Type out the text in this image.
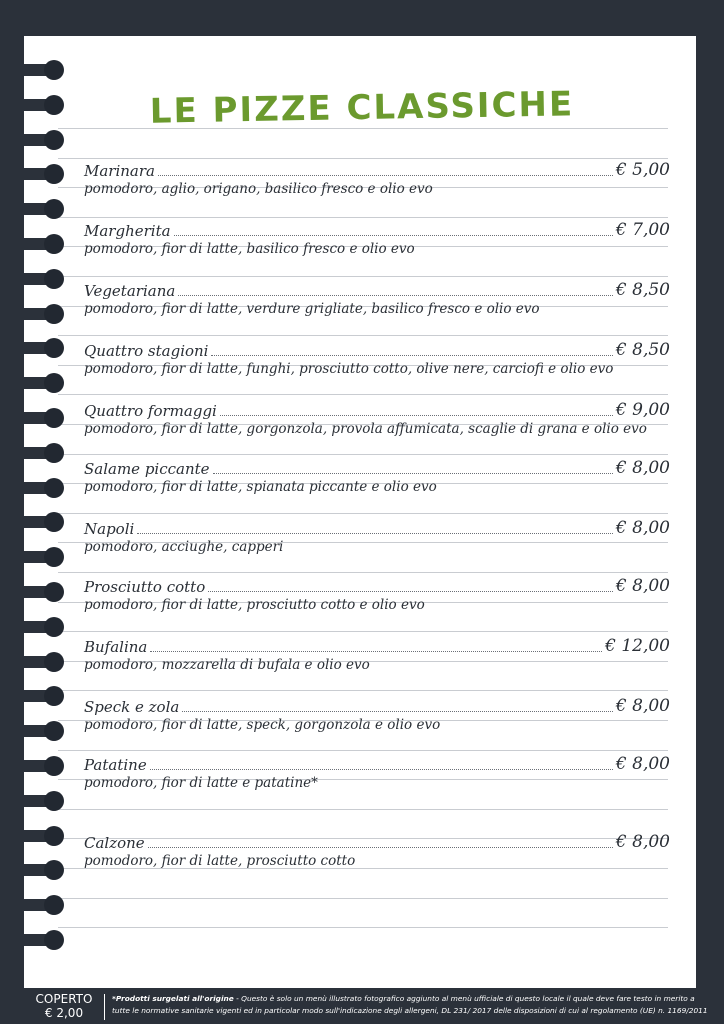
LE PIZZE CLASSICHE
Marinara	€ 5,00
pomodoro, aglio, origano, basilico fresco e olio evo
Margherita	€ 7,00
pomodoro, fior di latte, basilico fresco e olio evo
Vegetariana	€ 8,50
pomodoro, fior di latte, verdure grigliate, basilico fresco e olio evo
Quattro stagioni	€ 8,50
pomodoro, fior di latte, funghi, prosciutto cotto, olive nere, carciofi e olio evo
Quattro formaggi	€ 9,00
pomodoro, fior di latte, gorgonzola, provola affumicata, scaglie di grana e olio evo
Salame piccante	€ 8,00
pomodoro, fior di latte, spianata piccante e olio evo
Napoli	€ 8,00
pomodoro, acciughe, capperi
Prosciutto cotto	€ 8,00
pomodoro, fior di latte, prosciutto cotto e olio evo
Bufalina	€ 12,00
pomodoro, mozzarella di bufala e olio evo
Speck e zola	€ 8,00
pomodoro, fior di latte, speck, gorgonzola e olio evo
Patatine	€ 8,00
pomodoro, fior di latte e patatine*
Calzone	€ 8,00
pomodoro, fior di latte, prosciutto cotto
COPERTO
€ 2,00
*Prodotti surgelati all'origine - Questo è solo un menù illustrato fotografico aggiunto al menù ufficiale di questo locale il quale deve fare testo in merito a tutte le normative sanitarie vigenti ed in particolar modo sull'indicazione degli allergeni, DL 231/ 2017 delle disposizioni di cui al regolamento (UE) n. 1169/2011
